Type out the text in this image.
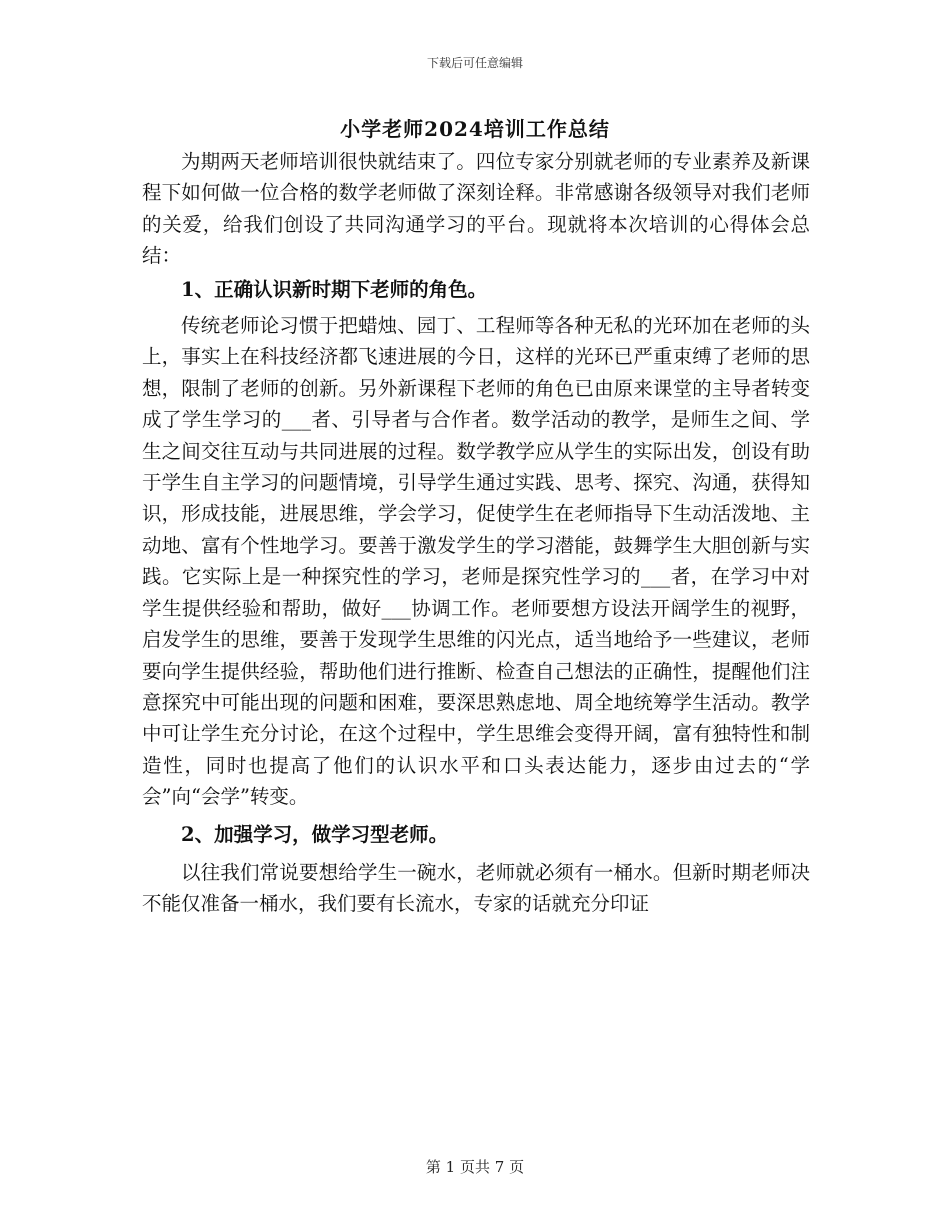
下载后可任意编辑
小学老师2024培训工作总结

为期两天老师培训很快就结束了。四位专家分别就老师的专业素养及新课程下如何做一位合格的数学老师做了深刻诠释。非常感谢各级领导对我们老师的关爱，给我们创设了共同沟通学习的平台。现就将本次培训的心得体会总结：

1、正确认识新时期下老师的角色。

传统老师论习惯于把蜡烛、园丁、工程师等各种无私的光环加在老师的头上，事实上在科技经济都飞速进展的今日，这样的光环已严重束缚了老师的思想，限制了老师的创新。另外新课程下老师的角色已由原来课堂的主导者转变成了学生学习的___者、引导者与合作者。数学活动的教学，是师生之间、学生之间交往互动与共同进展的过程。数学教学应从学生的实际出发，创设有助于学生自主学习的问题情境，引导学生通过实践、思考、探究、沟通，获得知识，形成技能，进展思维，学会学习，促使学生在老师指导下生动活泼地、主动地、富有个性地学习。要善于激发学生的学习潜能，鼓舞学生大胆创新与实践。它实际上是一种探究性的学习，老师是探究性学习的___者，在学习中对学生提供经验和帮助，做好___协调工作。老师要想方设法开阔学生的视野，启发学生的思维，要善于发现学生思维的闪光点，适当地给予一些建议，老师要向学生提供经验，帮助他们进行推断、检查自己想法的正确性，提醒他们注意探究中可能出现的问题和困难，要深思熟虑地、周全地统筹学生活动。教学中可让学生充分讨论，在这个过程中，学生思维会变得开阔，富有独特性和制造性，同时也提高了他们的认识水平和口头表达能力，逐步由过去的“学会”向“会学”转变。

2、加强学习，做学习型老师。

以往我们常说要想给学生一碗水，老师就必须有一桶水。但新时期老师决不能仅准备一桶水，我们要有长流水，专家的话就充分印证

第 1 页共 7 页
